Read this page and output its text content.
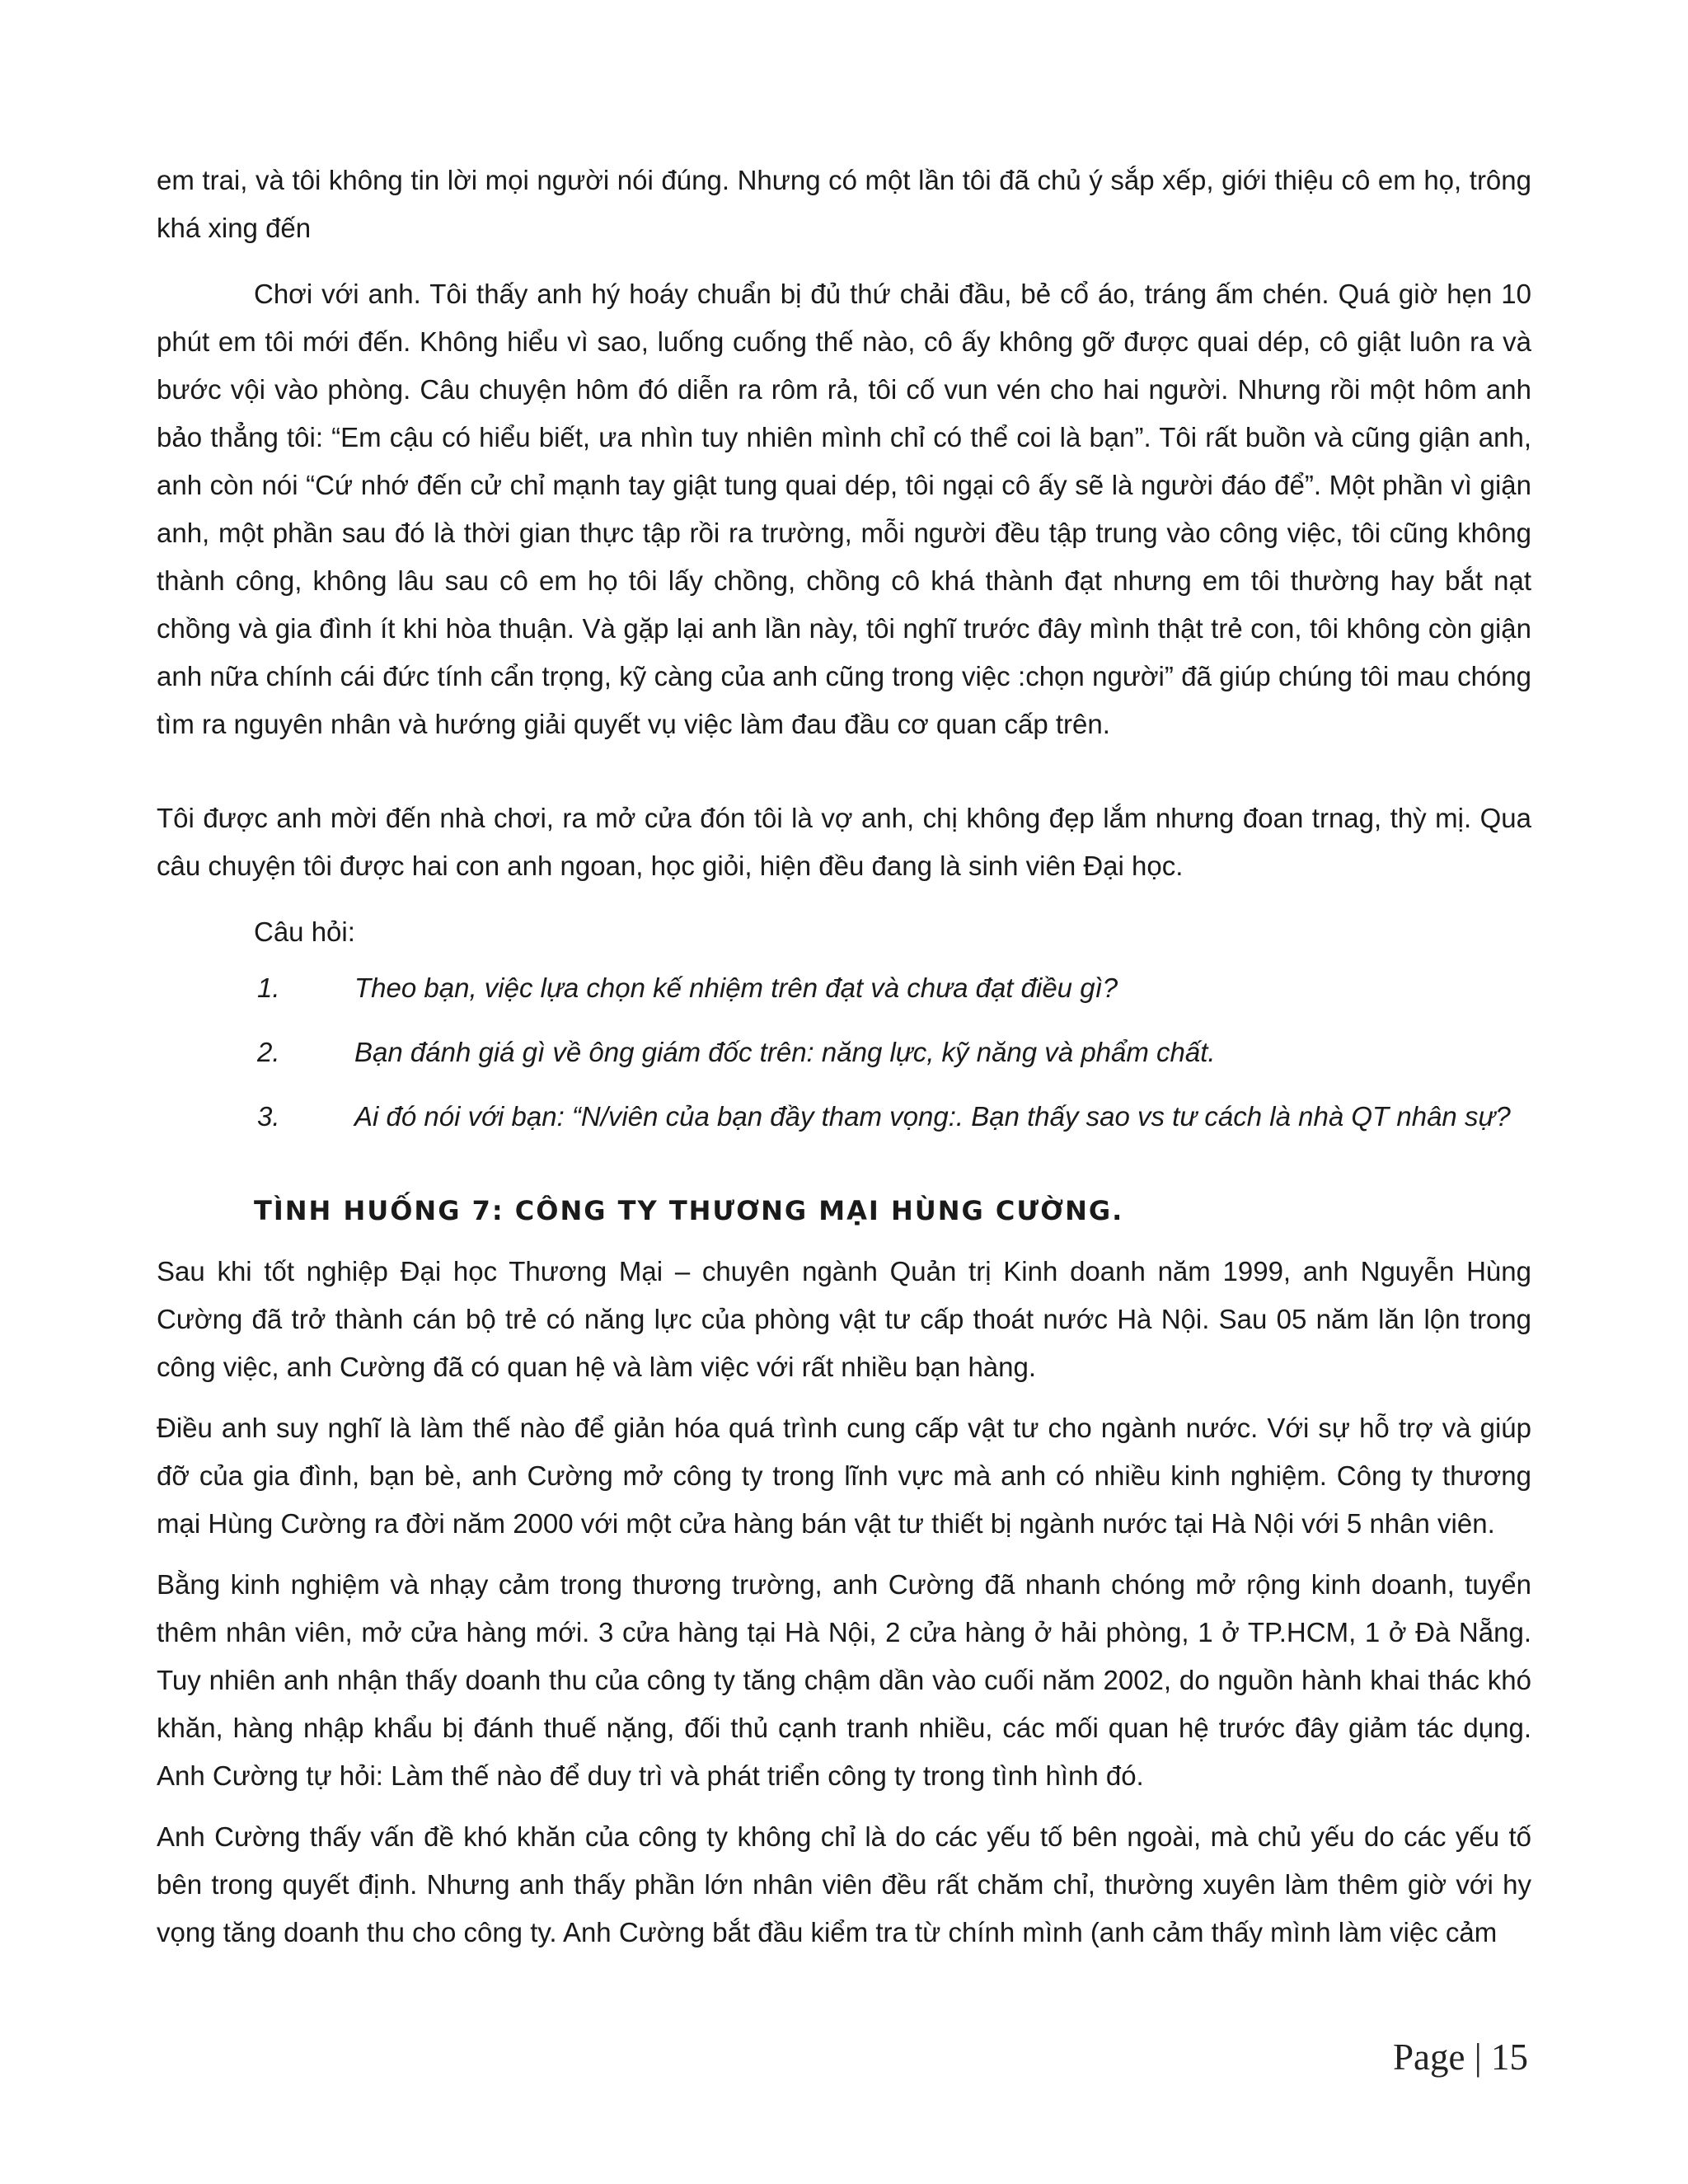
em trai, và tôi không tin lời mọi người nói đúng. Nhưng có một lần tôi đã chủ ý sắp xếp, giới thiệu cô em họ, trông khá xing đến

Chơi với anh. Tôi thấy anh hý hoáy chuẩn bị đủ thứ chải đầu, bẻ cổ áo, tráng ấm chén. Quá giờ hẹn 10 phút em tôi mới đến. Không hiểu vì sao, luống cuống thế nào, cô ấy không gỡ được quai dép, cô giật luôn ra và bước vội vào phòng. Câu chuyện hôm đó diễn ra rôm rả, tôi cố vun vén cho hai người. Nhưng rồi một hôm anh bảo thẳng tôi: “Em cậu có hiểu biết, ưa nhìn tuy nhiên mình chỉ có thể coi là bạn”. Tôi rất buồn và cũng giận anh, anh còn nói “Cứ nhớ đến cử chỉ mạnh tay giật tung quai dép, tôi ngại cô ấy sẽ là người đáo để”. Một phần vì giận anh, một phần sau đó là thời gian thực tập rồi ra trường, mỗi người đều tập trung vào công việc, tôi cũng không thành công, không lâu sau cô em họ tôi lấy chồng, chồng cô khá thành đạt nhưng em tôi thường hay bắt nạt chồng và gia đình ít khi hòa thuận. Và gặp lại anh lần này, tôi nghĩ trước đây mình thật trẻ con, tôi không còn giận anh nữa chính cái đức tính cẩn trọng, kỹ càng của anh cũng trong việc :chọn người” đã giúp chúng tôi mau chóng tìm ra nguyên nhân và hướng giải quyết vụ việc làm đau đầu cơ quan cấp trên.

Tôi được anh mời đến nhà chơi, ra mở cửa đón tôi là vợ anh, chị không đẹp lắm nhưng đoan trnag, thỳ mị. Qua câu chuyện tôi được hai con anh ngoan, học giỏi, hiện đều đang là sinh viên Đại học.

Câu hỏi:

1.	Theo bạn, việc lựa chọn kế nhiệm trên đạt và chưa đạt điều gì?
2.	Bạn đánh giá gì về ông giám đốc trên: năng lực, kỹ năng và phẩm chất.
3.	Ai đó nói với bạn: “N/viên của bạn đầy tham vọng:. Bạn thấy sao vs tư cách là nhà QT nhân sự?
TÌNH HUỐNG 7: CÔNG TY THƯƠNG MẠI HÙNG CƯỜNG.

Sau khi tốt nghiệp Đại học Thương Mại – chuyên ngành Quản trị Kinh doanh năm 1999, anh Nguyễn Hùng Cường đã trở thành cán bộ trẻ có năng lực của phòng vật tư cấp thoát nước Hà Nội. Sau 05 năm lăn lộn trong công việc, anh Cường đã có quan hệ và làm việc với rất nhiều bạn hàng.

Điều anh suy nghĩ là làm thế nào để giản hóa quá trình cung cấp vật tư cho ngành nước. Với sự hỗ trợ và giúp đỡ của gia đình, bạn bè, anh Cường mở công ty trong lĩnh vực mà anh có nhiều kinh nghiệm. Công ty thương mại Hùng Cường ra đời năm 2000 với một cửa hàng bán vật tư thiết bị ngành nước tại Hà Nội với 5 nhân viên.

Bằng kinh nghiệm và nhạy cảm trong thương trường, anh Cường đã nhanh chóng mở rộng kinh doanh, tuyển thêm nhân viên, mở cửa hàng mới. 3 cửa hàng tại Hà Nội, 2 cửa hàng ở hải phòng, 1 ở TP.HCM, 1 ở Đà Nẵng. Tuy nhiên anh nhận thấy doanh thu của công ty tăng chậm dần vào cuối năm 2002, do nguồn hành khai thác khó khăn, hàng nhập khẩu bị đánh thuế nặng, đối thủ cạnh tranh nhiều, các mối quan hệ trước đây giảm tác dụng. Anh Cường tự hỏi: Làm thế nào để duy trì và phát triển công ty trong tình hình đó.

Anh Cường thấy vấn đề khó khăn của công ty không chỉ là do các yếu tố bên ngoài, mà chủ yếu do các yếu tố bên trong quyết định. Nhưng anh thấy phần lớn nhân viên đều rất chăm chỉ, thường xuyên làm thêm giờ với hy vọng tăng doanh thu cho công ty. Anh Cường bắt đầu kiểm tra từ chính mình (anh cảm thấy mình làm việc cảm

Page | 15
